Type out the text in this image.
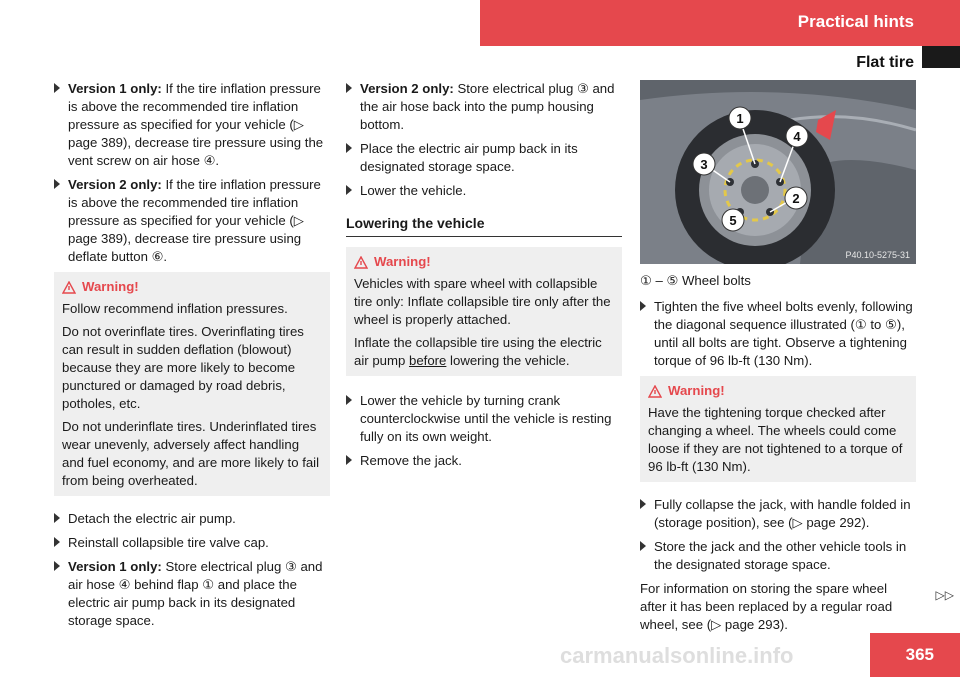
Practical hints
Flat tire
Version 1 only: If the tire inflation pressure is above the recommended tire inflation pressure as specified for your vehicle (▷ page 389), decrease tire pressure using the vent screw on air hose ④.
Version 2 only: If the tire inflation pressure is above the recommended tire inflation pressure as specified for your vehicle (▷ page 389), decrease tire pressure using deflate button ⑥.
Warning!

Follow recommend inflation pressures.

Do not overinflate tires. Overinflating tires can result in sudden deflation (blowout) because they are more likely to become punctured or damaged by road debris, potholes, etc.

Do not underinflate tires. Underinflated tires wear unevenly, adversely affect handling and fuel economy, and are more likely to fail from being overheated.

Detach the electric air pump.
Reinstall collapsible tire valve cap.
Version 1 only: Store electrical plug ③ and air hose ④ behind flap ① and place the electric air pump back in its designated storage space.
Version 2 only: Store electrical plug ③ and the air hose back into the pump housing bottom.
Place the electric air pump back in its designated storage space.
Lower the vehicle.
Lowering the vehicle
Warning!

Vehicles with spare wheel with collapsible tire only: Inflate collapsible tire only after the wheel is properly attached.

Inflate the collapsible tire using the electric air pump before lowering the vehicle.

Lower the vehicle by turning crank counterclockwise until the vehicle is resting fully on its own weight.
Remove the jack.
1
2
3
4
5
P40.10-5275-31
① – ⑤ Wheel bolts
Tighten the five wheel bolts evenly, following the diagonal sequence illustrated (① to ⑤), until all bolts are tight. Observe a tightening torque of 96 lb-ft (130 Nm).
Warning!

Have the tightening torque checked after changing a wheel. The wheels could come loose if they are not tightened to a torque of 96 lb-ft (130 Nm).

Fully collapse the jack, with handle folded in (storage position), see (▷ page 292).
Store the jack and the other vehicle tools in the designated storage space.
For information on storing the spare wheel after it has been replaced by a regular road wheel, see (▷ page 293).
▷▷
carmanualsonline.info	365
